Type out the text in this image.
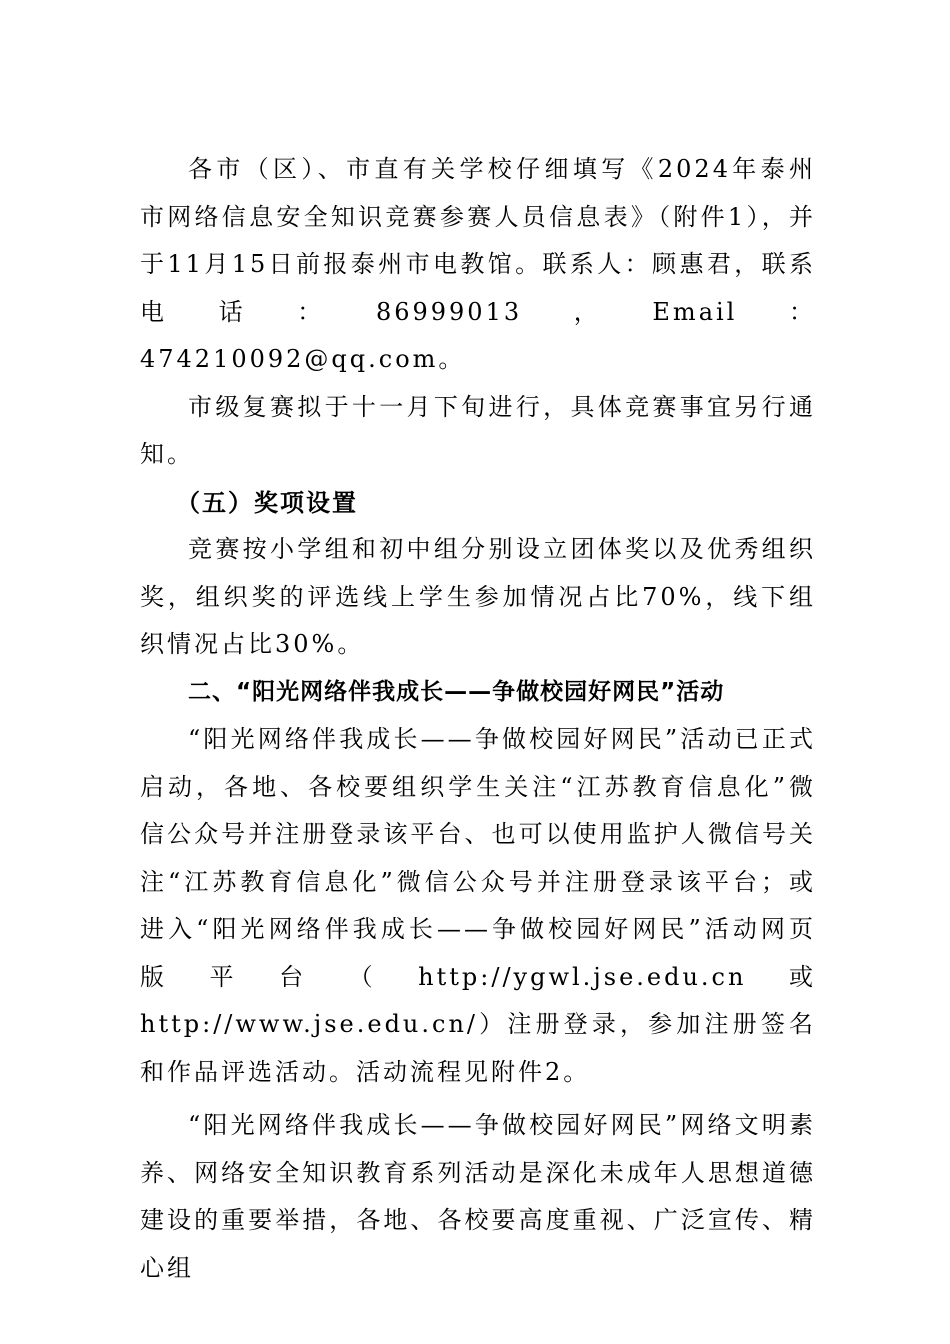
各市（区）、市直有关学校仔细填写《2024年泰州市网络信息安全知识竞赛参赛人员信息表》（附件1），并于11月15日前报泰州市电教馆。联系人：顾惠君，联系电话：86999013，Email：474210092@qq.com。

市级复赛拟于十一月下旬进行，具体竞赛事宜另行通知。

（五）奖项设置

竞赛按小学组和初中组分别设立团体奖以及优秀组织奖，组织奖的评选线上学生参加情况占比70%，线下组织情况占比30%。

二、“阳光网络伴我成长——争做校园好网民”活动

“阳光网络伴我成长——争做校园好网民”活动已正式启动，各地、各校要组织学生关注“江苏教育信息化”微信公众号并注册登录该平台、也可以使用监护人微信号关注“江苏教育信息化”微信公众号并注册登录该平台；或进入“阳光网络伴我成长——争做校园好网民”活动网页版平台（http://ygwl.jse.edu.cn或http://www.jse.edu.cn/）注册登录，参加注册签名和作品评选活动。活动流程见附件2。

“阳光网络伴我成长——争做校园好网民”网络文明素养、网络安全知识教育系列活动是深化未成年人思想道德建设的重要举措，各地、各校要高度重视、广泛宣传、精心组
